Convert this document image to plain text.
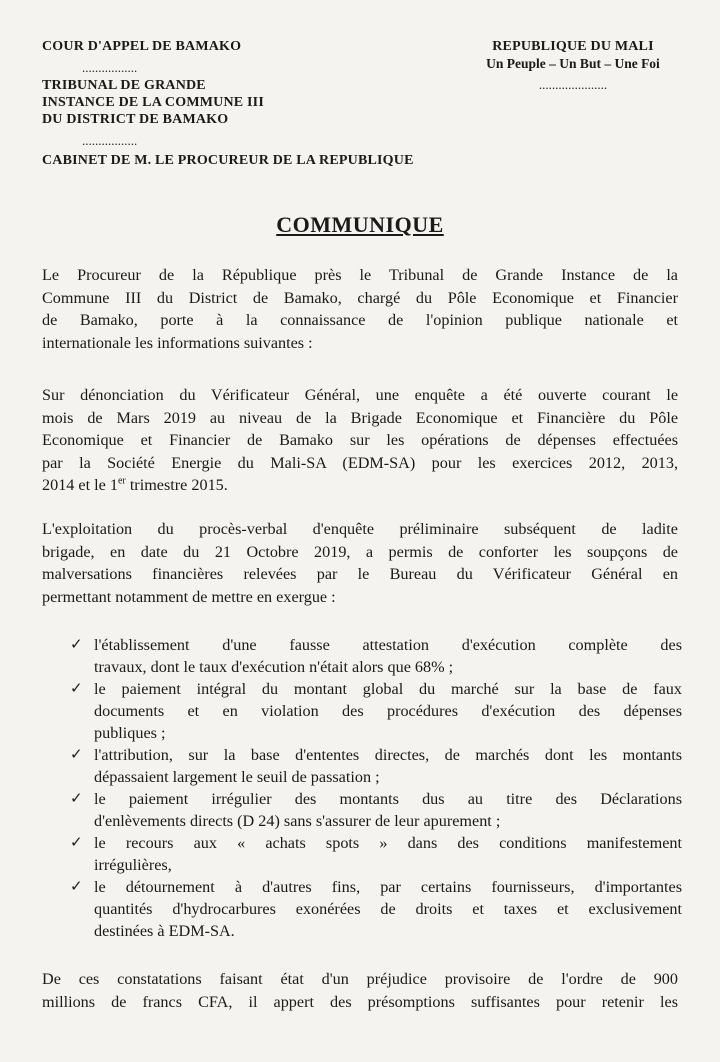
COUR D'APPEL DE BAMAKO
.................
TRIBUNAL DE GRANDE
INSTANCE DE LA COMMUNE III
DU DISTRICT DE BAMAKO
.................
CABINET DE M. LE PROCUREUR DE LA REPUBLIQUE
REPUBLIQUE DU MALI
Un Peuple – Un But – Une Foi
.....................
COMMUNIQUE
Le Procureur de la République près le Tribunal de Grande Instance de la
Commune III du District de Bamako, chargé du Pôle Economique et Financier
de Bamako, porte à la connaissance de l'opinion publique nationale et
internationale les informations suivantes :
Sur dénonciation du Vérificateur Général, une enquête a été ouverte courant le
mois de Mars 2019 au niveau de la Brigade Economique et Financière du Pôle
Economique et Financier de Bamako sur les opérations de dépenses effectuées
par la Société Energie du Mali-SA (EDM-SA) pour les exercices 2012, 2013,
2014 et le 1er trimestre 2015.
L'exploitation du procès-verbal d'enquête préliminaire subséquent de ladite
brigade, en date du 21 Octobre 2019, a permis de conforter les soupçons de
malversations financières relevées par le Bureau du Vérificateur Général en
permettant notamment de mettre en exergue :
✓ l'établissement d'une fausse attestation d'exécution complète des
travaux, dont le taux d'exécution n'était alors que 68% ;
✓ le paiement intégral du montant global du marché sur la base de faux
documents et en violation des procédures d'exécution des dépenses
publiques ;
✓ l'attribution, sur la base d'ententes directes, de marchés dont les montants
dépassaient largement le seuil de passation ;
✓ le paiement irrégulier des montants dus au titre des Déclarations
d'enlèvements directs (D 24) sans s'assurer de leur apurement ;
✓ le recours aux « achats spots » dans des conditions manifestement
irrégulières,
✓ le détournement à d'autres fins, par certains fournisseurs, d'importantes
quantités d'hydrocarbures exonérées de droits et taxes et exclusivement
destinées à EDM-SA.
De ces constatations faisant état d'un préjudice provisoire de l'ordre de 900
millions de francs CFA, il appert des présomptions suffisantes pour retenir les
